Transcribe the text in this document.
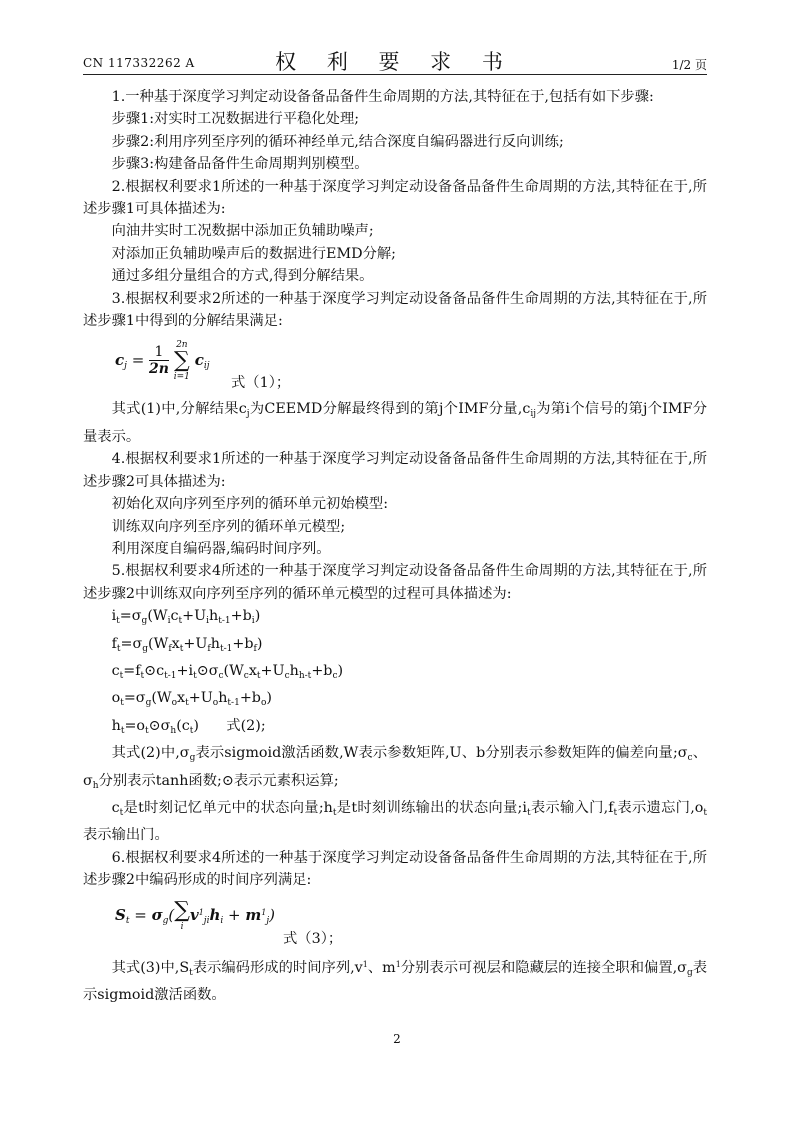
CN 117332262 A	权 利 要 求 书	1/2 页

1.一种基于深度学习判定动设备备品备件生命周期的方法,其特征在于,包括有如下步骤:

步骤1:对实时工况数据进行平稳化处理;

步骤2:利用序列至序列的循环神经单元,结合深度自编码器进行反向训练;

步骤3:构建备品备件生命周期判别模型。

2.根据权利要求1所述的一种基于深度学习判定动设备备品备件生命周期的方法,其特征在于,所述步骤1可具体描述为:

向油井实时工况数据中添加正负辅助噪声;

对添加正负辅助噪声后的数据进行EMD分解;

通过多组分量组合的方式,得到分解结果。

3.根据权利要求2所述的一种基于深度学习判定动设备备品备件生命周期的方法,其特征在于,所述步骤1中得到的分解结果满足:

$c_j = \frac{1}{2n}$
2n
∑
i=1
$c_{ij}$
式（1）；

其式(1)中,分解结果$c_j$为CEEMD分解最终得到的第j个IMF分量$,c_{ij}$为第i个信号的第j个IMF分量表示。

4.根据权利要求1所述的一种基于深度学习判定动设备备品备件生命周期的方法,其特征在于,所述步骤2可具体描述为:

初始化双向序列至序列的循环单元初始模型:

训练双向序列至序列的循环单元模型;

利用深度自编码器,编码时间序列。

5.根据权利要求4所述的一种基于深度学习判定动设备备品备件生命周期的方法,其特征在于,所述步骤2中训练双向序列至序列的循环单元模型的过程可具体描述为:

$i_t=\sigma_g(W_ic_t+U_ih_{t-1}+b_i)$

$f_t=\sigma_g(W_fx_t+U_fh_{t-1}+b_f)$

$c_t=f_t⊙c_{t-1}+i_t⊙\sigma_c(W_cx_t+U_ch_{h-t}+b_c)$

$o_t=\sigma_g(W_ox_t+U_oh_{t-1}+b_o)$

$h_t=o_t⊙\sigma_h(c_t)$      式(2);

其式(2)中$,\sigma_g$表示sigmoid激活函数,W表示参数矩阵,U、b分别表示参数矩阵的偏差向量$;\sigma_c$、$\sigma_h$分别表示tanh函数;⊙表示元素积运算;

$c_t$是t时刻记忆单元中的状态向量$;h_t$是t时刻训练输出的状态向量$;i_t$表示输入门$,f_t$表示遗忘门$,o_t$表示输出门。

6.根据权利要求4所述的一种基于深度学习判定动设备备品备件生命周期的方法,其特征在于,所述步骤2中编码形成的时间序列满足:

$S_t = \sigma_g$( ∑
i
$v^1_{ji}h_i + m^1_j$)
式（3）；

其式(3)中$,S_t$表示编码形成的时间序列$,v^1$、$m^1$分别表示可视层和隐藏层的连接全职和偏置$,\sigma_g$表示sigmoid激活函数。

2
